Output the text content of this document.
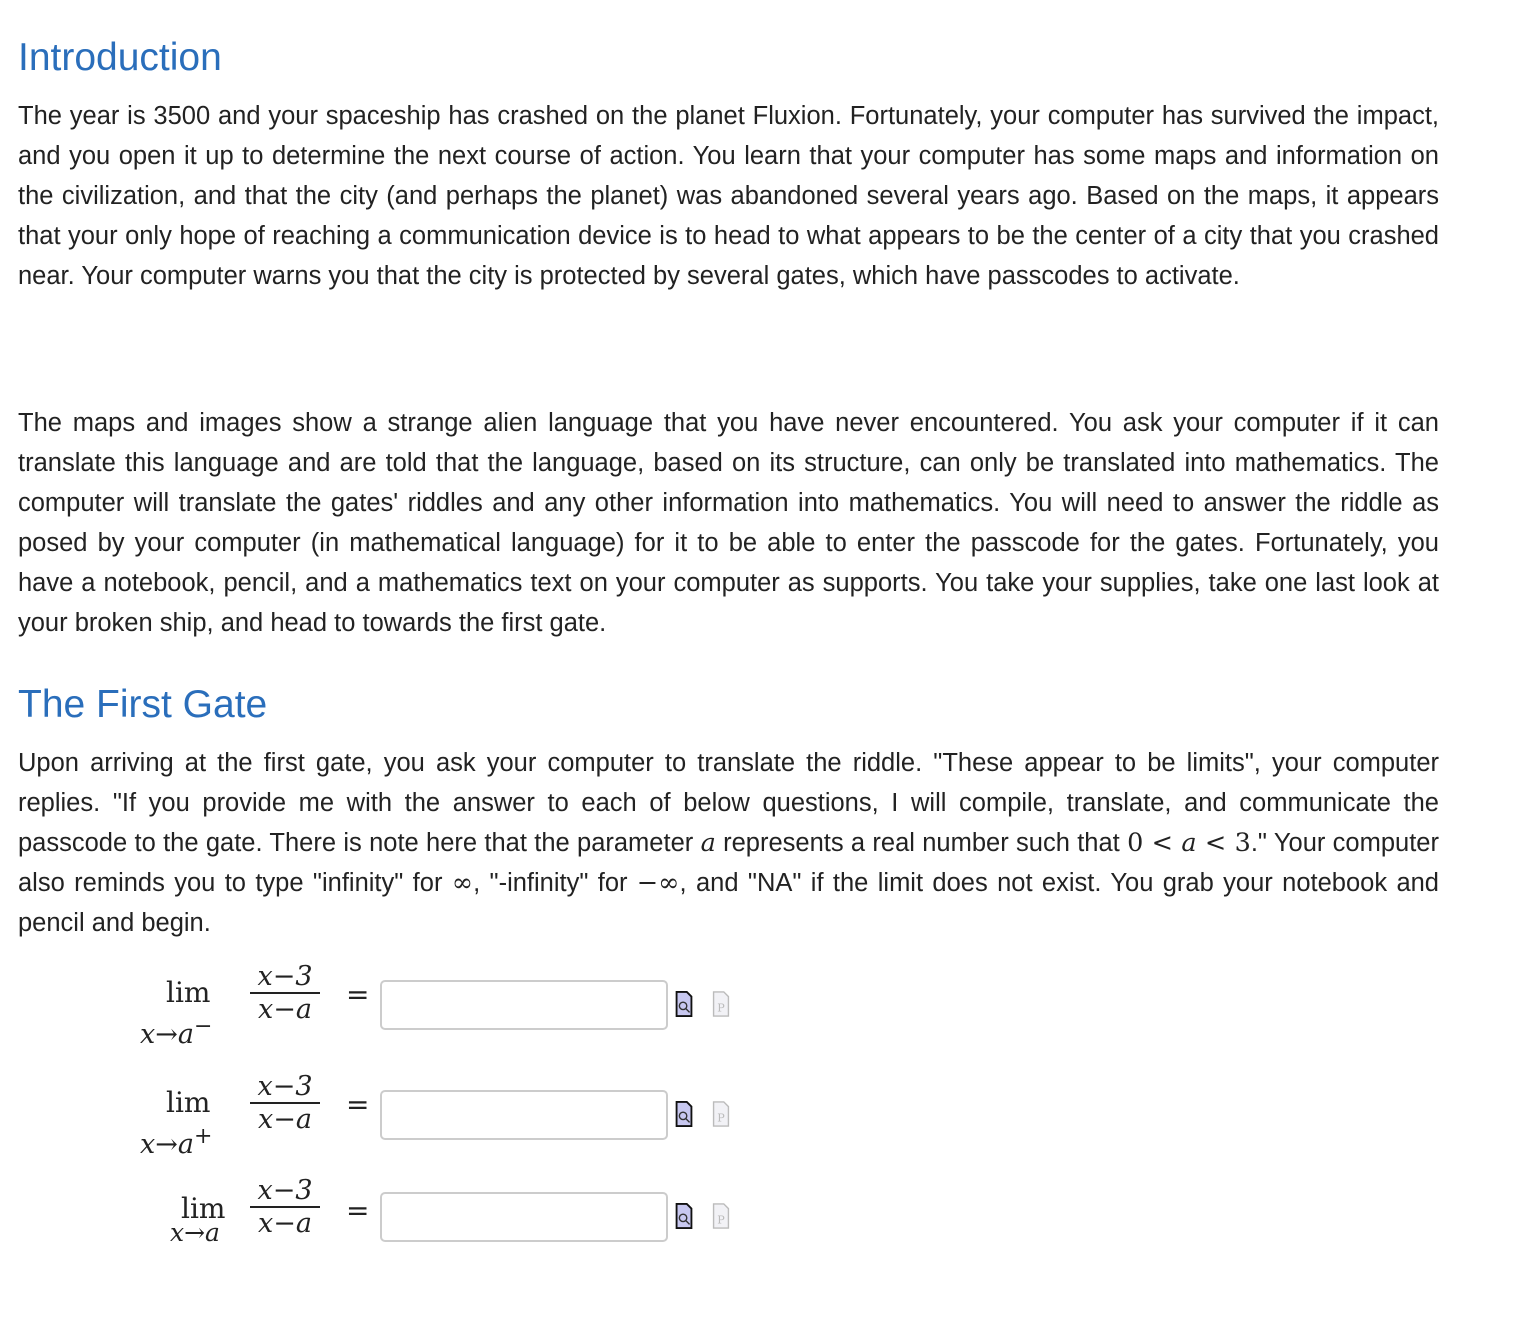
Introduction

The year is 3500 and your spaceship has crashed on the planet Fluxion. Fortunately, your computer has survived the impact, and you open it up to determine the next course of action. You learn that your computer has some maps and information on the civilization, and that the city (and perhaps the planet) was abandoned several years ago. Based on the maps, it appears that your only hope of reaching a communication device is to head to what appears to be the center of a city that you crashed near. Your computer warns you that the city is protected by several gates, which have passcodes to activate.

The maps and images show a strange alien language that you have never encountered. You ask your computer if it can translate this language and are told that the language, based on its structure, can only be translated into mathematics. The computer will translate the gates' riddles and any other information into mathematics. You will need to answer the riddle as posed by your computer (in mathematical language) for it to be able to enter the passcode for the gates. Fortunately, you have a notebook, pencil, and a mathematics text on your computer as supports. You take your supplies, take one last look at your broken ship, and head to towards the first gate.

The First Gate

Upon arriving at the first gate, you ask your computer to translate the riddle. "These appear to be limits", your computer replies. "If you provide me with the answer to each of below questions, I will compile, translate, and communicate the passcode to the gate. There is note here that the parameter a represents a real number such that 0 < a < 3." Your computer also reminds you to type "infinity" for ∞, "-infinity" for −∞, and "NA" if the limit does not exist. You grab your notebook and pencil and begin.

lim
x→a−
$\frac{x-3}{x-a}$ =
lim
x→a+
$\frac{x-3}{x-a}$ =
lim
$x\to a \frac{x-3}{x-a}$ =
P
P
P
